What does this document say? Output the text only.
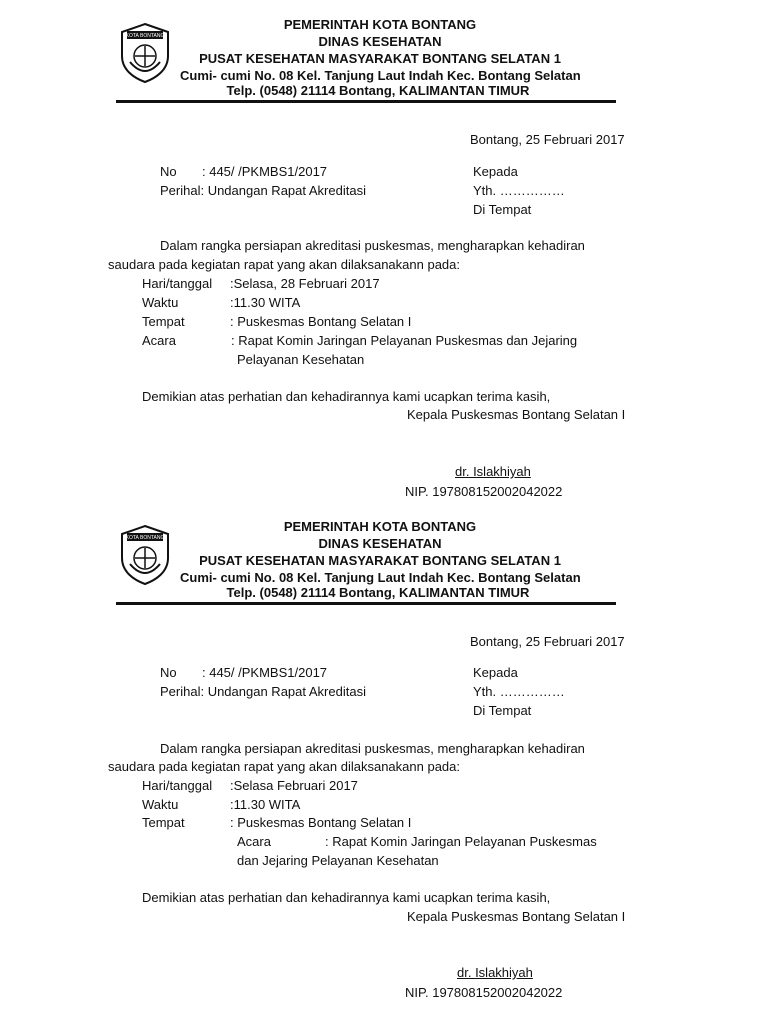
KOTA BONTANG
PEMERINTAH KOTA BONTANG
DINAS KESEHATAN
PUSAT KESEHATAN MASYARAKAT BONTANG SELATAN 1
Cumi- cumi No. 08 Kel. Tanjung Laut Indah Kec. Bontang Selatan
Telp. (0548) 21114 Bontang, KALIMANTAN TIMUR
Bontang, 25 Februari 2017
No : 445/ /PKMBS1/2017
Perihal: Undangan Rapat Akreditasi
Kepada
Yth. ……………
Di Tempat
Dalam rangka persiapan akreditasi puskesmas, mengharapkan kehadiran
saudara pada kegiatan rapat yang akan dilaksanakann pada:
Hari/tanggal :Selasa, 28 Februari 2017
Waktu	:11.30 WITA
Tempat	: Puskesmas Bontang Selatan I
Acara	: Rapat Komin Jaringan Pelayanan Puskesmas dan Jejaring
Pelayanan Kesehatan
Demikian atas perhatian dan kehadirannya kami ucapkan terima kasih,
Kepala Puskesmas Bontang Selatan I
dr. Islakhiyah
NIP. 197808152002042022
KOTA BONTANG
PEMERINTAH KOTA BONTANG
DINAS KESEHATAN
PUSAT KESEHATAN MASYARAKAT BONTANG SELATAN 1
Cumi- cumi No. 08 Kel. Tanjung Laut Indah Kec. Bontang Selatan
Telp. (0548) 21114 Bontang, KALIMANTAN TIMUR
Bontang, 25 Februari 2017
No : 445/ /PKMBS1/2017
Perihal: Undangan Rapat Akreditasi
Kepada
Yth. ……………
Di Tempat
Dalam rangka persiapan akreditasi puskesmas, mengharapkan kehadiran
saudara pada kegiatan rapat yang akan dilaksanakann pada:
Hari/tanggal :Selasa Februari 2017
Waktu	:11.30 WITA
Tempat	: Puskesmas Bontang Selatan I
Acara	: Rapat Komin Jaringan Pelayanan Puskesmas
dan Jejaring Pelayanan Kesehatan
Demikian atas perhatian dan kehadirannya kami ucapkan terima kasih,
Kepala Puskesmas Bontang Selatan I
dr. Islakhiyah
NIP. 197808152002042022
